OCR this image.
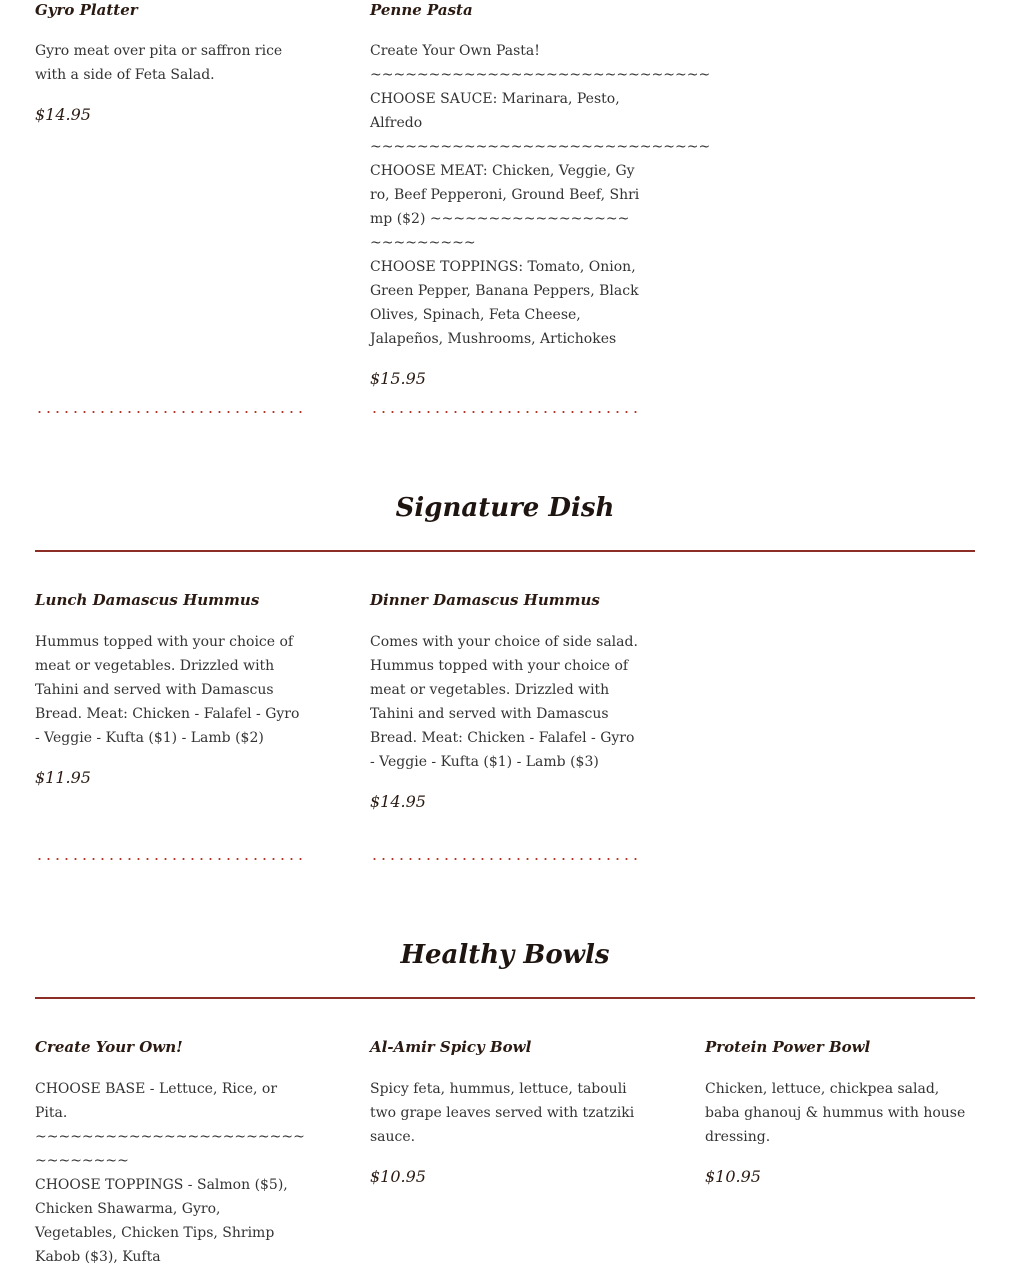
Gyro Platter
Gyro meat over pita or saffron rice with a side of Feta Salad.
$14.95
Penne Pasta
Create Your Own Pasta!
~~~~~~~~~~~~~~~~~~~~~~~~~~~~~
CHOOSE SAUCE: Marinara, Pesto, Alfredo
~~~~~~~~~~~~~~~~~~~~~~~~~~~~~
CHOOSE MEAT: Chicken, Veggie, Gyro, Beef Pepperoni, Ground Beef, Shrimp ($2) ~~~~~~~~~~~~~~~~~~~~~~~~~~
CHOOSE TOPPINGS: Tomato, Onion, Green Pepper, Banana Peppers, Black Olives, Spinach, Feta Cheese, Jalapeños, Mushrooms, Artichokes
$15.95
Signature Dish
Lunch Damascus Hummus
Hummus topped with your choice of meat or vegetables. Drizzled with Tahini and served with Damascus Bread. Meat: Chicken - Falafel - Gyro - Veggie - Kufta ($1) - Lamb ($2)
$11.95
Dinner Damascus Hummus
Comes with your choice of side salad. Hummus topped with your choice of meat or vegetables. Drizzled with Tahini and served with Damascus Bread. Meat: Chicken - Falafel - Gyro - Veggie - Kufta ($1) - Lamb ($3)
$14.95
Healthy Bowls
Create Your Own!
CHOOSE BASE - Lettuce, Rice, or Pita.
~~~~~~~~~~~~~~~~~~~~~~~~~~~~~~~
CHOOSE TOPPINGS - Salmon ($5), Chicken Shawarma, Gyro, Vegetables, Chicken Tips, Shrimp Kabob ($3), Kufta
Al-Amir Spicy Bowl
Spicy feta, hummus, lettuce, tabouli two grape leaves served with tzatziki sauce.
$10.95
Protein Power Bowl
Chicken, lettuce, chickpea salad, baba ghanouj & hummus with house dressing.
$10.95
